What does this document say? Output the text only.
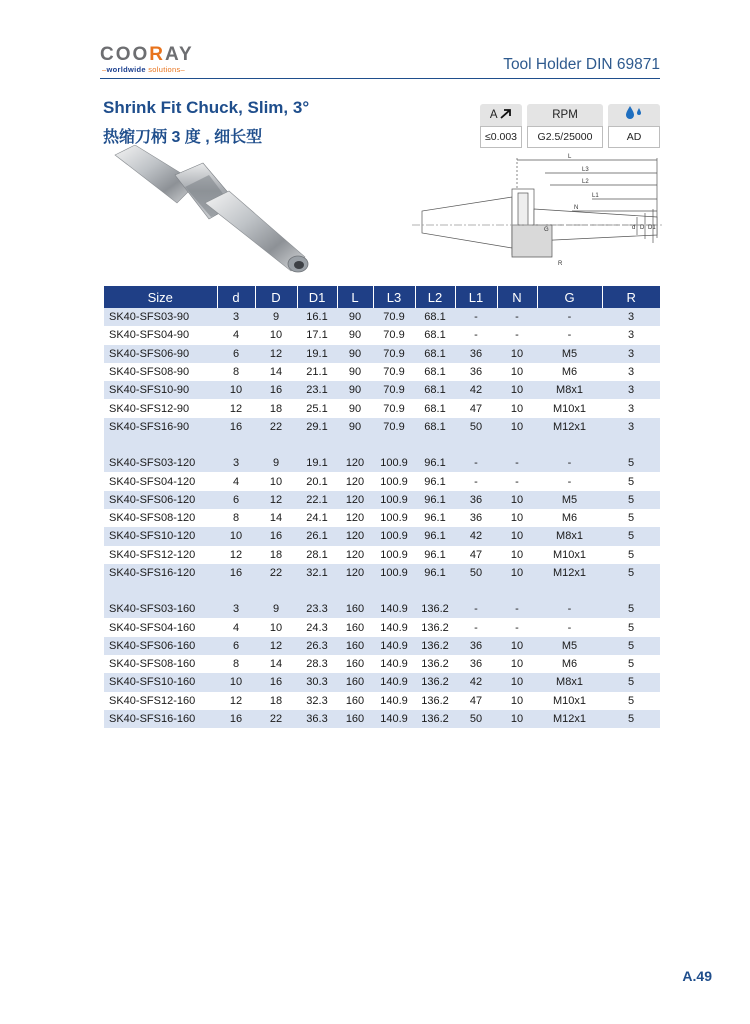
COORAY
–worldwide solutions–	Tool Holder DIN 69871
Shrink Fit Chuck, Slim, 3°
热缩刀柄 3 度 , 细长型
A
≤0.003
RPM
G2.5/25000	AD
L
L3
L2
L1
N
G
R
d D D1
Size	d	D	D1	L	L3	L2	L1	N	G	R
SK40-SFS03-90	3	9	16.1	90	70.9	68.1	-	-	-	3
SK40-SFS04-90	4	10	17.1	90	70.9	68.1	-	-	-	3
SK40-SFS06-90	6	12	19.1	90	70.9	68.1	36	10	M5	3
SK40-SFS08-90	8	14	21.1	90	70.9	68.1	36	10	M6	3
SK40-SFS10-90	10	16	23.1	90	70.9	68.1	42	10	M8x1	3
SK40-SFS12-90	12	18	25.1	90	70.9	68.1	47	10	M10x1	3
SK40-SFS16-90	16	22	29.1	90	70.9	68.1	50	10	M12x1	3

SK40-SFS03-120	3	9	19.1	120	100.9	96.1	-	-	-	5
SK40-SFS04-120	4	10	20.1	120	100.9	96.1	-	-	-	5
SK40-SFS06-120	6	12	22.1	120	100.9	96.1	36	10	M5	5
SK40-SFS08-120	8	14	24.1	120	100.9	96.1	36	10	M6	5
SK40-SFS10-120	10	16	26.1	120	100.9	96.1	42	10	M8x1	5
SK40-SFS12-120	12	18	28.1	120	100.9	96.1	47	10	M10x1	5
SK40-SFS16-120	16	22	32.1	120	100.9	96.1	50	10	M12x1	5

SK40-SFS03-160	3	9	23.3	160	140.9	136.2	-	-	-	5
SK40-SFS04-160	4	10	24.3	160	140.9	136.2	-	-	-	5
SK40-SFS06-160	6	12	26.3	160	140.9	136.2	36	10	M5	5
SK40-SFS08-160	8	14	28.3	160	140.9	136.2	36	10	M6	5
SK40-SFS10-160	10	16	30.3	160	140.9	136.2	42	10	M8x1	5
SK40-SFS12-160	12	18	32.3	160	140.9	136.2	47	10	M10x1	5
SK40-SFS16-160	16	22	36.3	160	140.9	136.2	50	10	M12x1	5
A.49
